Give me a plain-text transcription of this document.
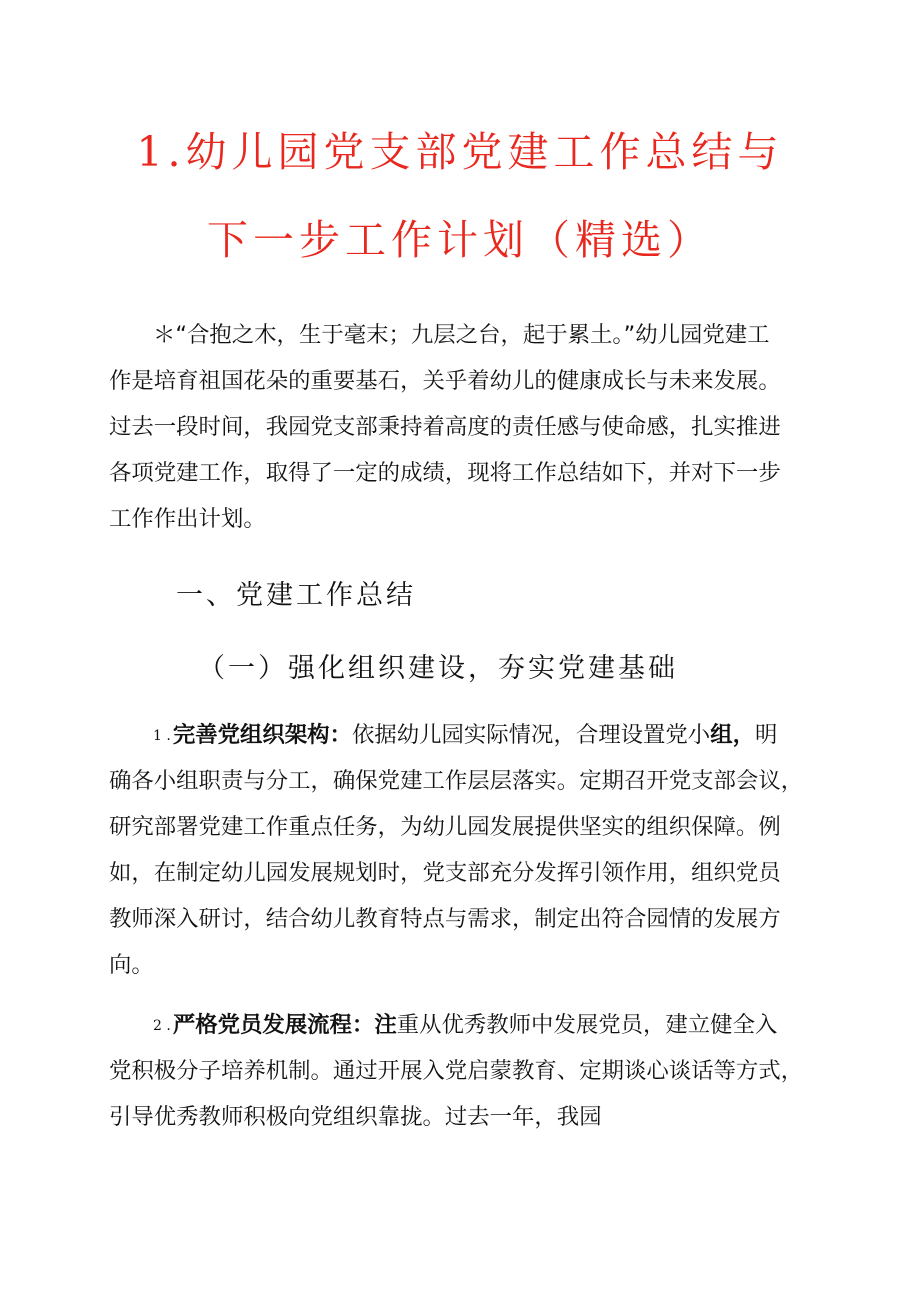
1.幼儿园党支部党建工作总结与
下一步工作计划（精选）
＊“合抱之木，生于毫末；九层之台，起于累土。”幼儿园党建工
作是培育祖国花朵的重要基石，关乎着幼儿的健康成长与未来发展。
过去一段时间，我园党支部秉持着高度的责任感与使命感，扎实推进
各项党建工作，取得了一定的成绩，现将工作总结如下，并对下一步
工作作出计划。
一、党建工作总结
（一）强化组织建设，夯实党建基础
1 .完善党组织架构：依据幼儿园实际情况，合理设置党小组，明
确各小组职责与分工，确保党建工作层层落实。定期召开党支部会议，
研究部署党建工作重点任务，为幼儿园发展提供坚实的组织保障。例
如，在制定幼儿园发展规划时，党支部充分发挥引领作用，组织党员
教师深入研讨，结合幼儿教育特点与需求，制定出符合园情的发展方
向。
2 .严格党员发展流程：注重从优秀教师中发展党员，建立健全入
党积极分子培养机制。通过开展入党启蒙教育、定期谈心谈话等方式，
引导优秀教师积极向党组织靠拢。过去一年，我园
